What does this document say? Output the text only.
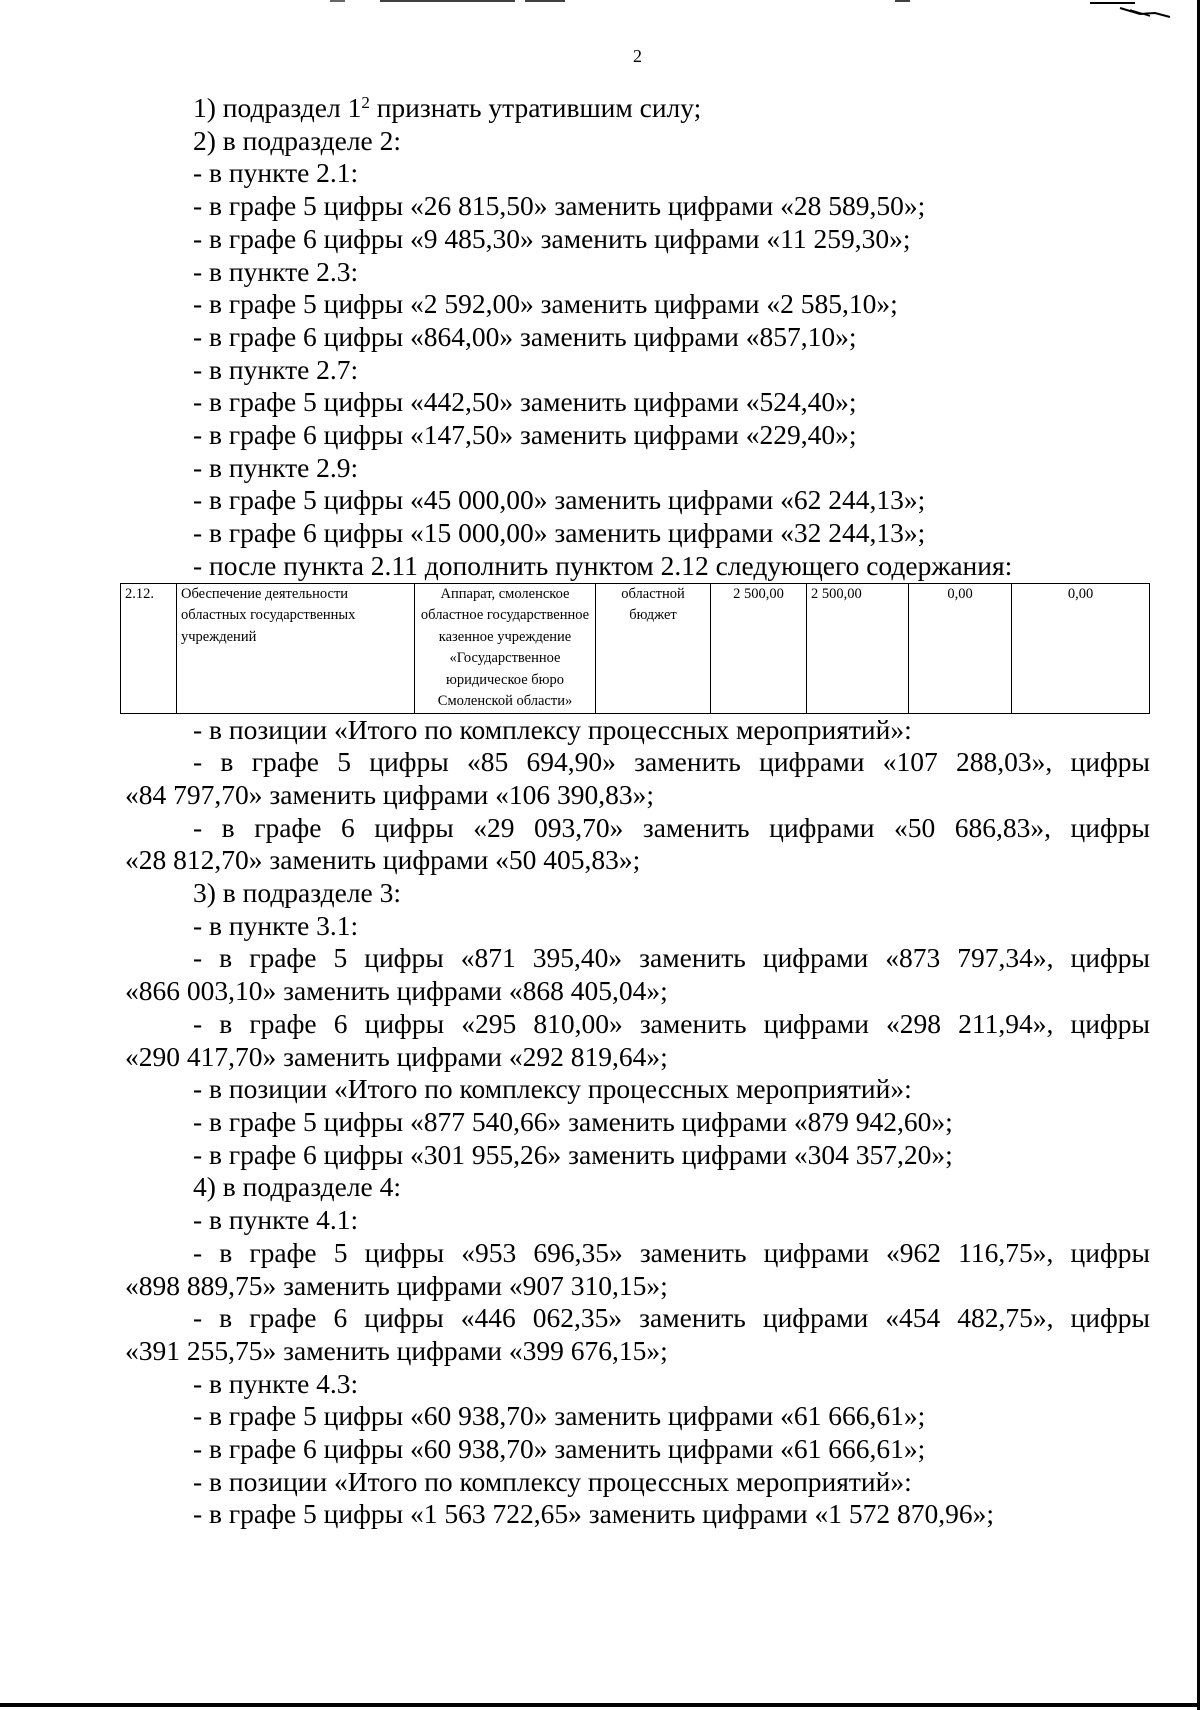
2
1) подраздел $1^2$ признать утратившим силу;
2) в подразделе 2:
- в пункте 2.1:
- в графе 5 цифры «26 815,50» заменить цифрами «28 589,50»;
- в графе 6 цифры «9 485,30» заменить цифрами «11 259,30»;
- в пункте 2.3:
- в графе 5 цифры «2 592,00» заменить цифрами «2 585,10»;
- в графе 6 цифры «864,00» заменить цифрами «857,10»;
- в пункте 2.7:
- в графе 5 цифры «442,50» заменить цифрами «524,40»;
- в графе 6 цифры «147,50» заменить цифрами «229,40»;
- в пункте 2.9:
- в графе 5 цифры «45 000,00» заменить цифрами «62 244,13»;
- в графе 6 цифры «15 000,00» заменить цифрами «32 244,13»;
- после пункта 2.11 дополнить пунктом 2.12 следующего содержания:
2.12.	Обеспечение деятельности областных государственных учреждений	Аппарат, смоленское областное государственное казенное учреждение «Государственное юридическое бюро Смоленской области»	областной бюджет	2 500,00	2 500,00	0,00	0,00
- в позиции «Итого по комплексу процессных мероприятий»:
- в графе 5 цифры «85 694,90» заменить цифрами «107 288,03», цифры
«84 797,70» заменить цифрами «106 390,83»;
- в графе 6 цифры «29 093,70» заменить цифрами «50 686,83», цифры
«28 812,70» заменить цифрами «50 405,83»;
3) в подразделе 3:
- в пункте 3.1:
- в графе 5 цифры «871 395,40» заменить цифрами «873 797,34», цифры
«866 003,10» заменить цифрами «868 405,04»;
- в графе 6 цифры «295 810,00» заменить цифрами «298 211,94», цифры
«290 417,70» заменить цифрами «292 819,64»;
- в позиции «Итого по комплексу процессных мероприятий»:
- в графе 5 цифры «877 540,66» заменить цифрами «879 942,60»;
- в графе 6 цифры «301 955,26» заменить цифрами «304 357,20»;
4) в подразделе 4:
- в пункте 4.1:
- в графе 5 цифры «953 696,35» заменить цифрами «962 116,75», цифры
«898 889,75» заменить цифрами «907 310,15»;
- в графе 6 цифры «446 062,35» заменить цифрами «454 482,75», цифры
«391 255,75» заменить цифрами «399 676,15»;
- в пункте 4.3:
- в графе 5 цифры «60 938,70» заменить цифрами «61 666,61»;
- в графе 6 цифры «60 938,70» заменить цифрами «61 666,61»;
- в позиции «Итого по комплексу процессных мероприятий»:
- в графе 5 цифры «1 563 722,65» заменить цифрами «1 572 870,96»;
